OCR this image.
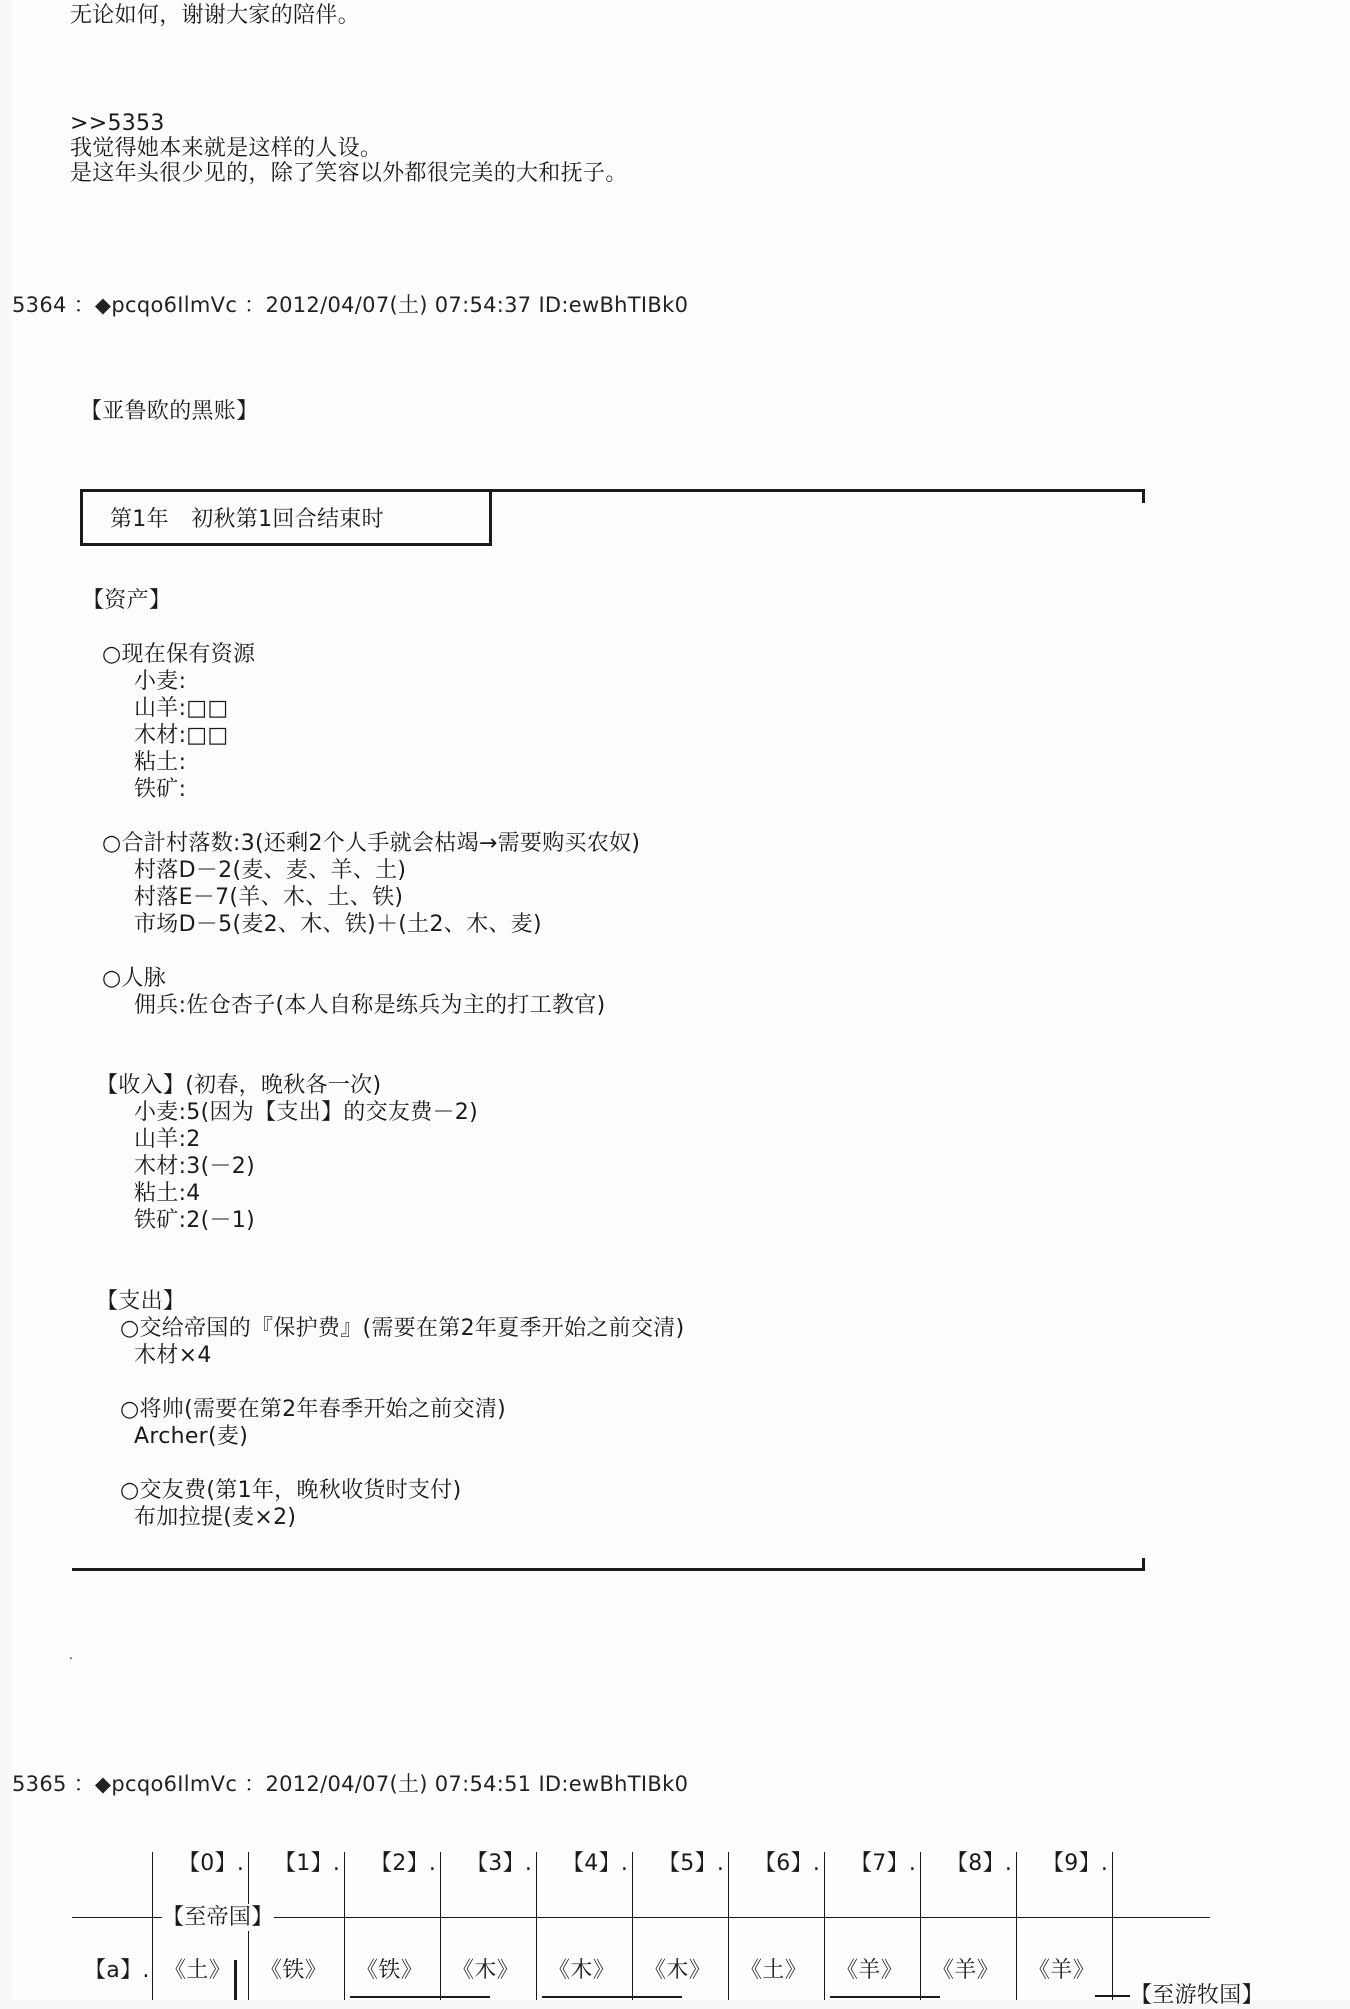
无论如何，谢谢大家的陪伴。
>>5353
我觉得她本来就是这样的人设。
是这年头很少见的，除了笑容以外都很完美的大和抚子。
5364 ：◆pcqo6IlmVc ：2012/04/07(土) 07:54:37 ID:ewBhTIBk0
【亚鲁欧的黑账】
第1年　初秋第1回合结束时
【资产】
○现在保有资源
小麦:
山羊:□□
木材:□□
粘土:
铁矿:
○合計村落数:3(还剩2个人手就会枯竭→需要购买农奴)
村落D－2(麦、麦、羊、土)
村落E－7(羊、木、土、铁)
市场D－5(麦2、木、铁)＋(土2、木、麦)
○人脉
佣兵:佐仓杏子(本人自称是练兵为主的打工教官)
【收入】(初春，晚秋各一次)
小麦:5(因为【支出】的交友费－2)
山羊:2
木材:3(－2)
粘土:4
铁矿:2(－1)
【支出】
○交给帝国的『保护费』(需要在第2年夏季开始之前交清)
木材×4
○将帅(需要在第2年春季开始之前交清)
Archer(麦)
○交友费(第1年，晚秋收货时支付)
布加拉提(麦×2)
.
5365 ：◆pcqo6IlmVc ：2012/04/07(土) 07:54:51 ID:ewBhTIBk0
【0】. 【1】. 【2】. 【3】. 【4】. 【5】. 【6】. 【7】. 【8】. 【9】.
《土》 《铁》 《铁》 《木》 《木》 《木》 《土》 《羊》 《羊》 《羊》
【至帝国】
【a】.
【至游牧国】
